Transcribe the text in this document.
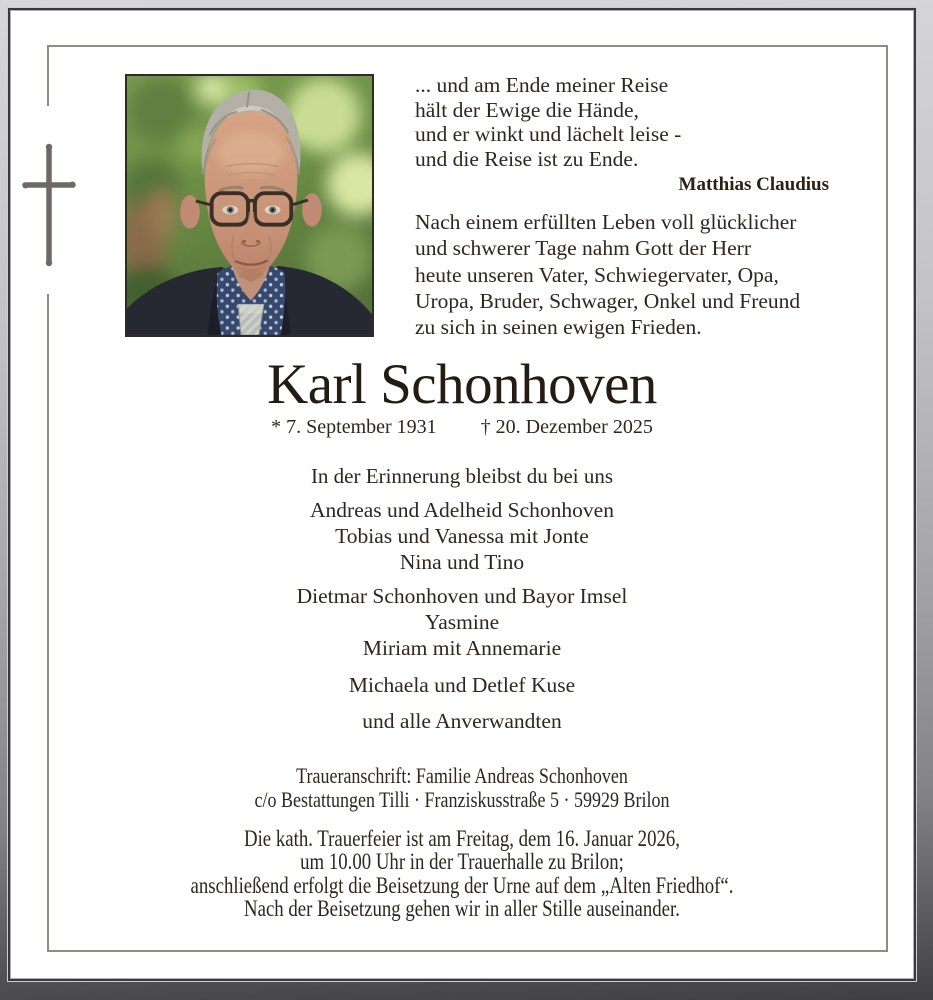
... und am Ende meiner Reise
hält der Ewige die Hände,
und er winkt und lächelt leise -
und die Reise ist zu Ende.
Matthias Claudius
Nach einem erfüllten Leben voll glücklicher
und schwerer Tage nahm Gott der Herr
heute unseren Vater, Schwiegervater, Opa,
Uropa, Bruder, Schwager, Onkel und Freund
zu sich in seinen ewigen Frieden.
Karl Schonhoven
* 7. September 1931 † 20. Dezember 2025
In der Erinnerung bleibst du bei uns
Andreas und Adelheid Schonhoven
Tobias und Vanessa mit Jonte
Nina und Tino
Dietmar Schonhoven und Bayor Imsel
Yasmine
Miriam mit Annemarie
Michaela und Detlef Kuse
und alle Anverwandten
Traueranschrift: Familie Andreas Schonhoven
c/o Bestattungen Tilli · Franziskusstraße 5 · 59929 Brilon
Die kath. Trauerfeier ist am Freitag, dem 16. Januar 2026,
um 10.00 Uhr in der Trauerhalle zu Brilon;
anschließend erfolgt die Beisetzung der Urne auf dem „Alten Friedhof“.
Nach der Beisetzung gehen wir in aller Stille auseinander.
